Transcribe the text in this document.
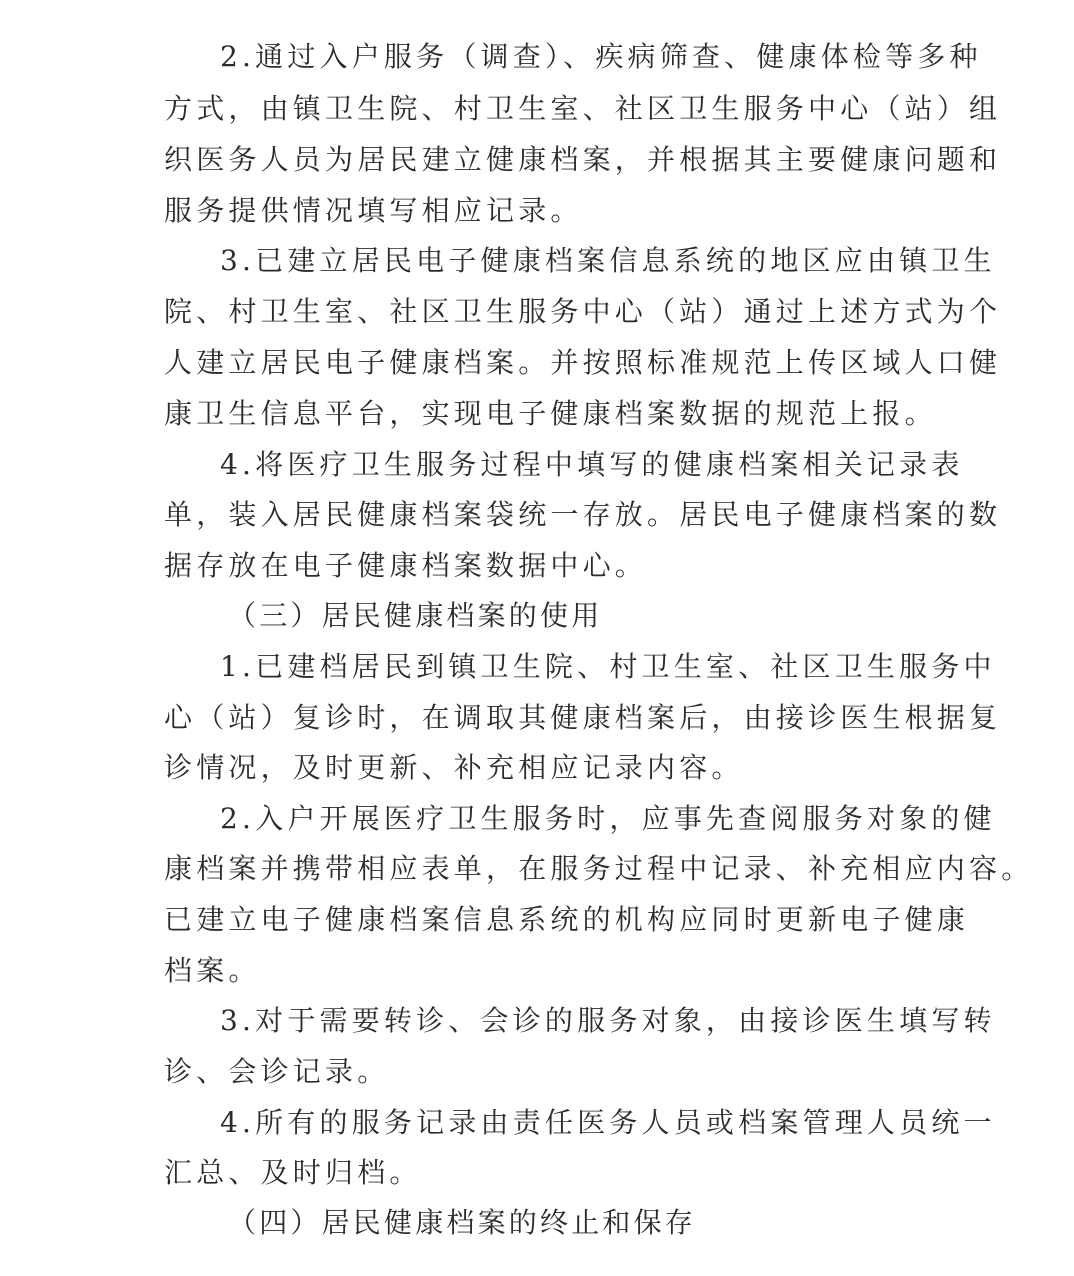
2.通过入户服务（调查）、疾病筛查、健康体检等多种
方式，由镇卫生院、村卫生室、社区卫生服务中心（站）组
织医务人员为居民建立健康档案，并根据其主要健康问题和
服务提供情况填写相应记录。
3.已建立居民电子健康档案信息系统的地区应由镇卫生
院、村卫生室、社区卫生服务中心（站）通过上述方式为个
人建立居民电子健康档案。并按照标准规范上传区域人口健
康卫生信息平台，实现电子健康档案数据的规范上报。
4.将医疗卫生服务过程中填写的健康档案相关记录表
单，装入居民健康档案袋统一存放。居民电子健康档案的数
据存放在电子健康档案数据中心。
（三）居民健康档案的使用
1.已建档居民到镇卫生院、村卫生室、社区卫生服务中
心（站）复诊时，在调取其健康档案后，由接诊医生根据复
诊情况，及时更新、补充相应记录内容。
2.入户开展医疗卫生服务时，应事先查阅服务对象的健
康档案并携带相应表单，在服务过程中记录、补充相应内容。
已建立电子健康档案信息系统的机构应同时更新电子健康
档案。
3.对于需要转诊、会诊的服务对象，由接诊医生填写转
诊、会诊记录。
4.所有的服务记录由责任医务人员或档案管理人员统一
汇总、及时归档。
（四）居民健康档案的终止和保存
